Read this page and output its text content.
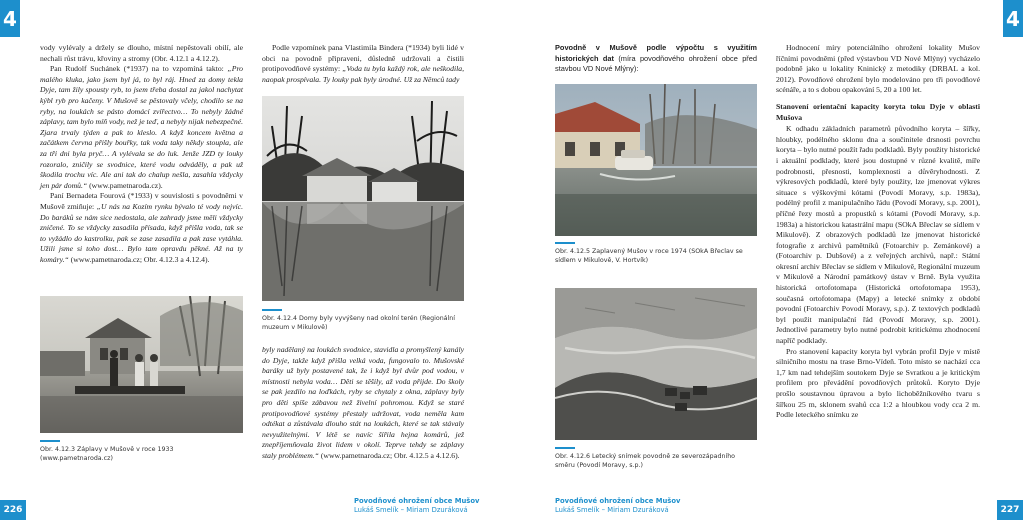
4	4

vody vylévaly a držely se dlouho, místní nepěstovali obilí, ale nechali růst trávu, křoviny a stromy (Obr. 4.12.1 a 4.12.2).

Pan Rudolf Suchánek (*1937) na to vzpomíná takto: „Pro malého kluka, jako jsem byl já, to byl ráj. Hned za domy tekla Dyje, tam žily spousty ryb, to jsem třeba dostal za jakol nachytat kýbl ryb pro kačeny. V Mušově se pěstovaly včely, chodilo se na ryby, na loukách se pásto domácí zvířectvo… To nebyly žádné záplavy, tam bylo míň vody, než je teď, a nebyly nijak nebezpečné. Zjara trvaly týden a pak to kleslo. A když koncem května a začátkem června přišly bouřky, tak voda taky někdy stoupla, ale za tři dni byla pryč… A vylévala se do luk. Jenže JZD ty louky rozoralo, zničily se svodnice, které vodu odváděly, a pak už škodila trochu víc. Ale ani tak do chalup nešla, zasahla vždycky jen pár domů.“ (www.pametnaroda.cz).

Paní Bernadeta Fourová (*1933) v souvislosti s povodněmi v Mušově zmiňuje: „U nás na Kozím rynku bývalo té vody nejvíc. Do baráků se nám sice nedostala, ale zahrady jsme měli vždycky zničené. To se vždycky zasadila přísada, když přišla voda, tak se to vyžádlo do kastrolku, pak se zase zasadila a pak zase vytáhla. Užili jsme si toho dost… Bylo tam opravdu pěkné. Až na ty komáry.“ (www.pametnaroda.cz; Obr. 4.12.3 a 4.12.4).

Obr. 4.12.3 Záplavy v Mušově v roce 1933 (www.pametnaroda.cz)

Podle vzpomínek pana Vlastimila Bindera (*1934) byli lidé v obci na povodně připraveni, důsledně udržovali a čistili protipovodňové systémy: „Voda tu byla každý rok, ale neškodila, naopak prospívala. Ty louky pak byly úrodné. Už za Němců tady

Obr. 4.12.4 Domy byly vyvýšeny nad okolní terén (Regionální muzeum v Mikulově)

byly nadělaný na loukách svodnice, stavidla a promyšlený kanály do Dyje, takže když přišla velká voda, fungovalo to. Mušovské baráky už byly postavené tak, že i když byl dvůr pod vodou, v místnosti nebyla voda… Děti se těšily, až voda přijde. Do školy se pak jezdilo na loďkách, ryby se chytaly z okna, záplavy byly pro děti spíše zábavou než živelní pohromou. Když se staré protipovodňové systémy přestaly udržovat, voda neměla kam odtékat a zůstávala dlouho stát na loukách, které se tak stávaly nevyužitelnými. V létě se navíc šířila hejna komárů, jež znepříjemňovala život lidem v okolí. Teprve tehdy se záplavy staly problémem.“ (www.pametnaroda.cz; Obr. 4.12.5 a 4.12.6).

Povodně v Mušově podle výpočtu s využitím historických dat (míra povodňového ohrožení obce před stavbou VD Nové Mlýny):

Obr. 4.12.5 Zaplavený Mušov v roce 1974 (SOkA Břeclav se sídlem v Mikulově, V. Hortvík)
Obr. 4.12.6 Letecký snímek povodně ze severozápadního směru (Povodí Moravy, s.p.)

Hodnocení míry potenciálního ohrožení lokality Mušov říčními povodněmi (před výstavbou VD Nové Mlýny) vycházelo podobně jako u lokality Kninický z metodiky (DRBAL a kol. 2012). Povodňové ohrožení bylo modelováno pro tři povodňové scénáře, a to s dobou opakování 5, 20 a 100 let.

Stanovení orientační kapacity koryta toku Dyje v oblasti Mušova

K odhadu základních parametrů původního koryta – šířky, hloubky, podélného sklonu dna a součinitele drsnosti povrchu koryta – bylo nutné použít řadu podkladů. Byly použity historické i aktuální podklady, které jsou dostupné v různé kvalitě, míře podrobnosti, přesnosti, komplexnosti a důvěryhodnosti. Z výkresových podkladů, které byly použity, lze jmenovat výkres situace s výškovými kótami (Povodí Moravy, s.p. 1983a), podélný profil z manipulačního řádu (Povodí Moravy, s.p. 2001), příčné řezy mostů a propustků s kótami (Povodí Moravy, s.p. 1983a) a historickou katastrální mapu (SOkA Břeclav se sídlem v Mikulově). Z obrazových podkladů lze jmenovat historické fotografie z archivů pamětníků (Fotoarchiv p. Zemánkové) a (Fotoarchiv p. Dubšové) a z veřejných archivů, např.: Státní okresní archiv Břeclav se sídlem v Mikulově, Regionální muzeum v Mikulově a Národní památkový ústav v Brně. Byla využita historická ortofotomapa (Historická ortofotomapa 1953), současná ortofotomapa (Mapy) a letecké snímky z období povodní (Fotoarchiv Povodí Moravy, s.p.). Z textových podkladů byl použit manipulační řád (Povodí Moravy, s.p. 2001). Jednotlivé parametry bylo nutné podrobit kritickému zhodnocení napříč podklady.

Pro stanovení kapacity koryta byl vybrán profil Dyje v místě silničního mostu na trase Brno-Vídeň. Toto místo se nachází cca 1,7 km nad tehdejším soutokem Dyje se Svratkou a je kritickým profilem pro převádění povodňových průtoků. Koryto Dyje prošlo soustavnou úpravou a bylo lichoběžníkového tvaru s šířkou 25 m, sklonem svahů cca 1:2 a hloubkou vody cca 2 m. Podle leteckého snímku ze

Povodňové ohrožení obce Mušov
Lukáš Smelík – Miriam Dzuráková
Povodňové ohrožení obce Mušov
Lukáš Smelík – Miriam Dzuráková
226	227
